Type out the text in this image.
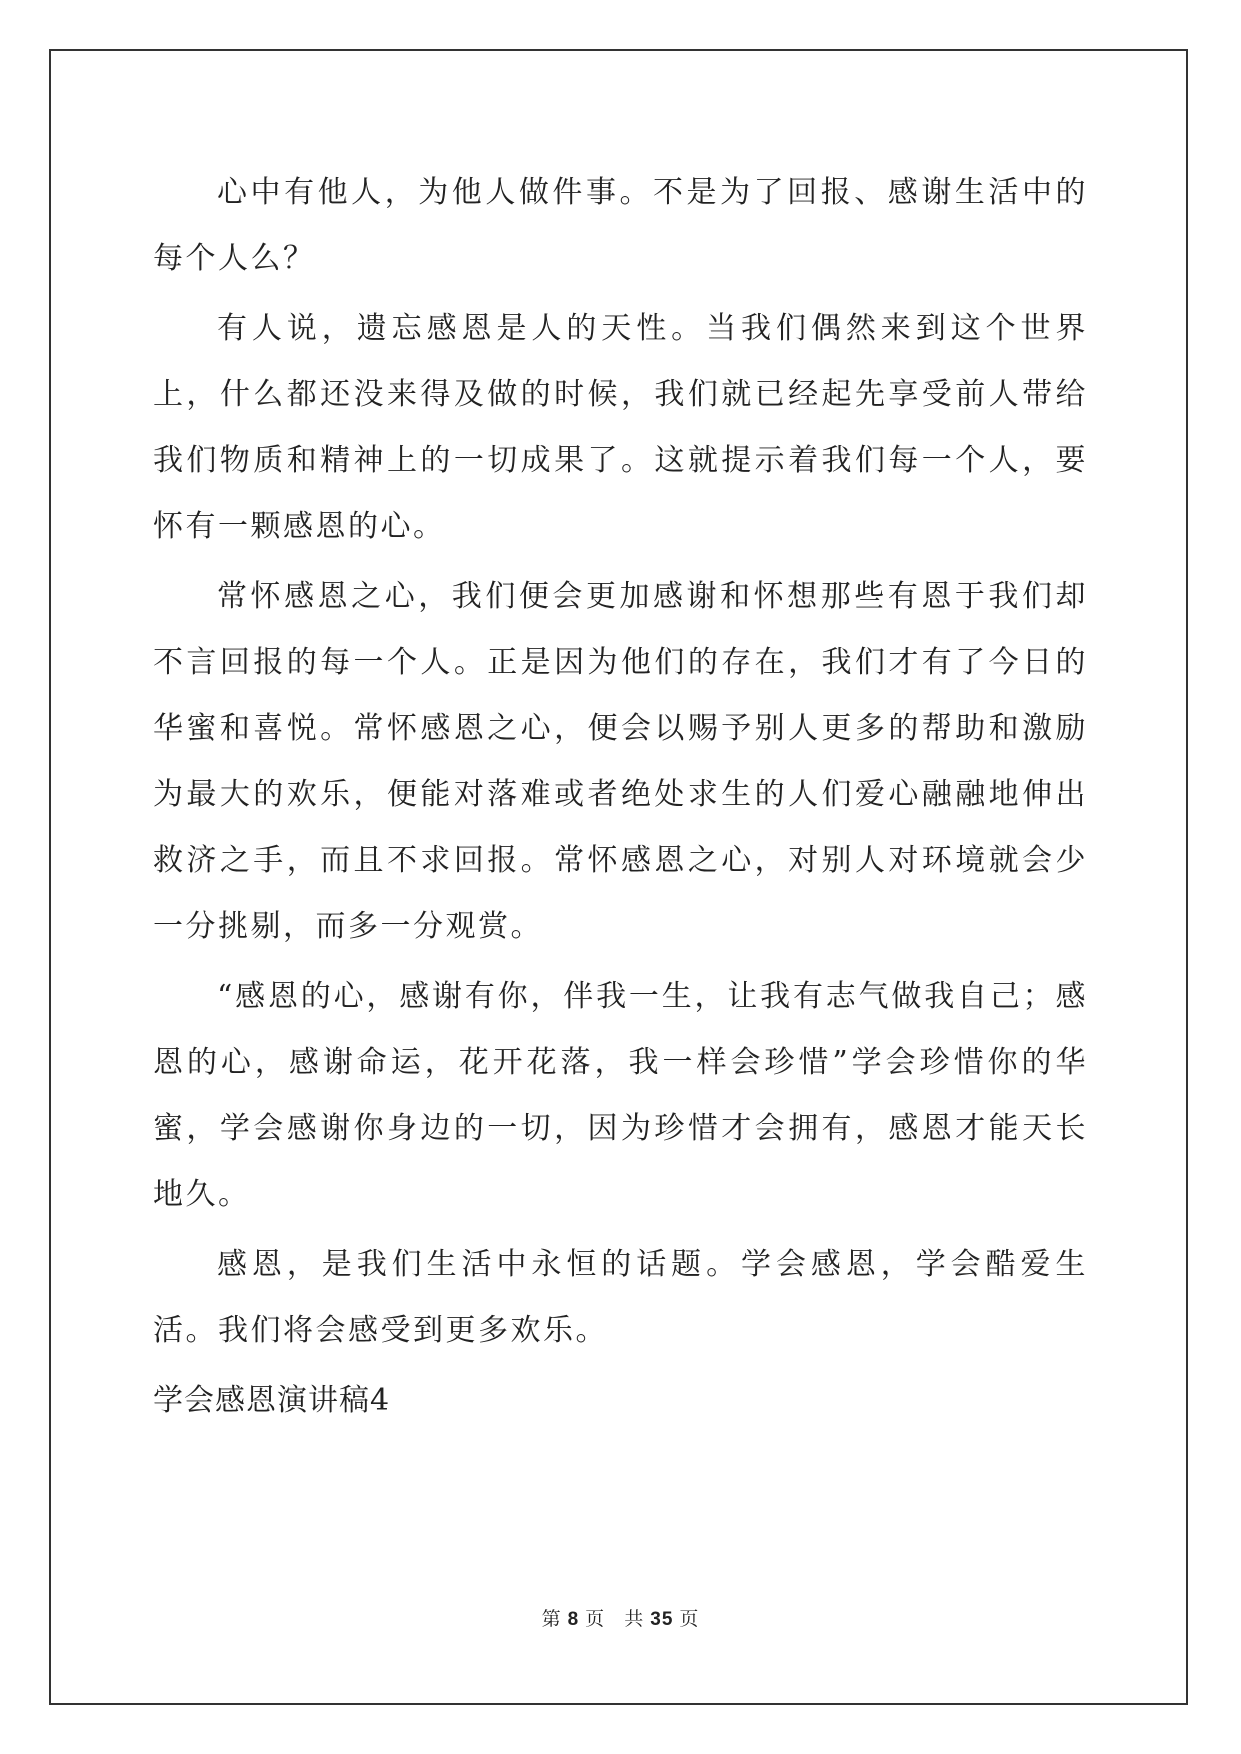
心中有他人，为他人做件事。不是为了回报、感谢生活中的每个人么？

有人说，遗忘感恩是人的天性。当我们偶然来到这个世界上，什么都还没来得及做的时候，我们就已经起先享受前人带给我们物质和精神上的一切成果了。这就提示着我们每一个人，要怀有一颗感恩的心。

常怀感恩之心，我们便会更加感谢和怀想那些有恩于我们却不言回报的每一个人。正是因为他们的存在，我们才有了今日的华蜜和喜悦。常怀感恩之心，便会以赐予别人更多的帮助和激励为最大的欢乐，便能对落难或者绝处求生的人们爱心融融地伸出救济之手，而且不求回报。常怀感恩之心，对别人对环境就会少一分挑剔，而多一分观赏。

“感恩的心，感谢有你，伴我一生，让我有志气做我自己；感恩的心，感谢命运，花开花落，我一样会珍惜”学会珍惜你的华蜜，学会感谢你身边的一切，因为珍惜才会拥有，感恩才能天长地久。

感恩，是我们生活中永恒的话题。学会感恩，学会酷爱生活。我们将会感受到更多欢乐。

学会感恩演讲稿4

第 8 页 共 35 页
